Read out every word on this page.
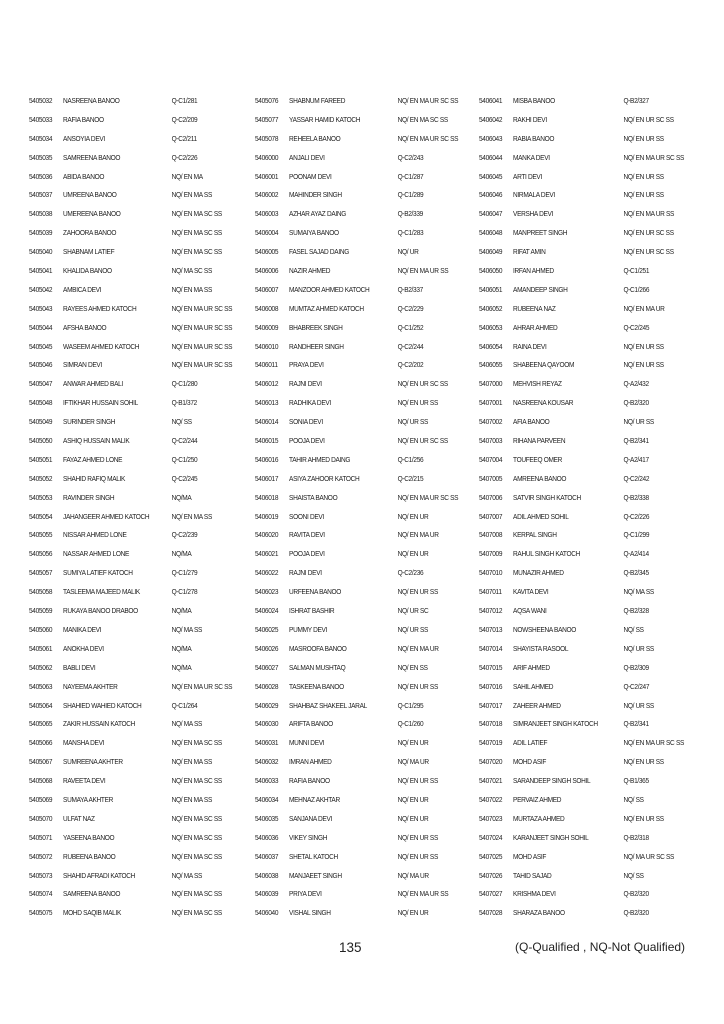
5405032 NASREENA BANOO	Q-C1/281
5405033 RAFIA BANOO	Q-C2/209
5405034 ANSOYIA DEVI	Q-C2/211
5405035 SAMREENA BANOO	Q-C2/226
5405036 ABIDA BANOO	NQ/ EN MA
5405037 UMREENA BANOO	NQ/ EN MA SS
5405038 UMEREENA BANOO	NQ/ EN MA SC SS
5405039 ZAHOORA BANOO	NQ/ EN MA SC SS
5405040 SHABNAM LATIEF	NQ/ EN MA SC SS
5405041 KHALIDA BANOO	NQ/ MA SC SS
5405042 AMBICA DEVI	NQ/ EN MA SS
5405043 RAYEES AHMED KATOCH	NQ/ EN MA UR SC SS
5405044 AFSHA BANOO	NQ/ EN MA UR SC SS
5405045 WASEEM AHMED KATOCH	NQ/ EN MA UR SC SS
5405046 SIMRAN DEVI	NQ/ EN MA UR SC SS
5405047 ANWAR AHMED BALI	Q-C1/280
5405048 IFTIKHAR HUSSAIN SOHIL	Q-B1/372
5405049 SURINDER SINGH	NQ/ SS
5405050 ASHIQ HUSSAIN MALIK	Q-C2/244
5405051 FAYAZ AHMED LONE	Q-C1/250
5405052 SHAHID RAFIQ MALIK	Q-C2/245
5405053 RAVINDER SINGH	NQ/MA
5405054 JAHANGEER AHMED KATOCH	NQ/ EN MA SS
5405055 NISSAR AHMED LONE	Q-C2/239
5405056 NASSAR AHMED LONE	NQ/MA
5405057 SUMIYA LATIEF KATOCH	Q-C1/279
5405058 TASLEEMA MAJEED MALIK	Q-C1/278
5405059 RUKAYA BANOO DRABOO	NQ/MA
5405060 MANIKA DEVI	NQ/ MA SS
5405061 ANOKHA DEVI	NQ/MA
5405062 BABLI DEVI	NQ/MA
5405063 NAYEEMA AKHTER	NQ/ EN MA UR SC SS
5405064 SHAHIED WAHIED KATOCH	Q-C1/264
5405065 ZAKIR HUSSAIN KATOCH	NQ/ MA SS
5405066 MANSHA DEVI	NQ/ EN MA SC SS
5405067 SUMREENA AKHTER	NQ/ EN MA SS
5405068 RAVEETA DEVI	NQ/ EN MA SC SS
5405069 SUMAYA AKHTER	NQ/ EN MA SS
5405070 ULFAT NAZ	NQ/ EN MA SC SS
5405071 YASEENA BANOO	NQ/ EN MA SC SS
5405072 RUBEENA BANOO	NQ/ EN MA SC SS
5405073 SHAHID AFRADI KATOCH	NQ/ MA SS
5405074 SAMREENA BANOO	NQ/ EN MA SC SS
5405075 MOHD SAQIB MALIK	NQ/ EN MA SC SS
5405076 SHABNUM FAREED	NQ/ EN MA UR SC SS
5405077 YASSAR HAMID KATOCH	NQ/ EN MA SC SS
5405078 REHEELA BANOO	NQ/ EN MA UR SC SS
5406000 ANJALI DEVI	Q-C2/243
5406001 POONAM DEVI	Q-C1/287
5406002 MAHINDER SINGH	Q-C1/289
5406003 AZHAR AYAZ DAING	Q-B2/339
5406004 SUMAIYA BANOO	Q-C1/283
5406005 FASEL SAJAD DAING	NQ/ UR
5406006 NAZIR AHMED	NQ/ EN MA UR SS
5406007 MANZOOR AHMED KATOCH	Q-B2/337
5406008 MUMTAZ AHMED KATOCH	Q-C2/229
5406009 BHABREEK SINGH	Q-C1/252
5406010 RANDHEER SINGH	Q-C2/244
5406011 PRAYA DEVI	Q-C2/202
5406012 RAJNI DEVI	NQ/ EN UR SC SS
5406013 RADHIKA DEVI	NQ/ EN UR SS
5406014 SONIA DEVI	NQ/ UR SS
5406015 POOJA DEVI	NQ/ EN UR SC SS
5406016 TAHIR AHMED DAING	Q-C1/256
5406017 ASIYA ZAHOOR KATOCH	Q-C2/215
5406018 SHAISTA BANOO	NQ/ EN MA UR SC SS
5406019 SOONI DEVI	NQ/ EN UR
5406020 RAVITA DEVI	NQ/ EN MA UR
5406021 POOJA DEVI	NQ/ EN UR
5406022 RAJNI DEVI	Q-C2/236
5406023 URFEENA BANOO	NQ/ EN UR SS
5406024 ISHRAT BASHIR	NQ/ UR SC
5406025 PUMMY DEVI	NQ/ UR SS
5406026 MASROOFA BANOO	NQ/ EN MA UR
5406027 SALMAN MUSHTAQ	NQ/ EN SS
5406028 TASKEENA BANOO	NQ/ EN UR SS
5406029 SHAHBAZ SHAKEEL JARAL	Q-C1/295
5406030 ARIFTA BANOO	Q-C1/260
5406031 MUNNI DEVI	NQ/ EN UR
5406032 IMRAN AHMED	NQ/ MA UR
5406033 RAFIA BANOO	NQ/ EN UR SS
5406034 MEHNAZ AKHTAR	NQ/ EN UR
5406035 SANJANA DEVI	NQ/ EN UR
5406036 VIKEY SINGH	NQ/ EN UR SS
5406037 SHETAL KATOCH	NQ/ EN UR SS
5406038 MANJAEET SINGH	NQ/ MA UR
5406039 PRIYA DEVI	NQ/ EN MA UR SS
5406040 VISHAL SINGH	NQ/ EN UR
5406041 MISBA BANOO	Q-B2/327
5406042 RAKHI DEVI	NQ/ EN UR SC SS
5406043 RABIA BANOO	NQ/ EN UR SS
5406044 MANKA DEVI	NQ/ EN MA UR SC SS
5406045 ARTI DEVI	NQ/ EN UR SS
5406046 NIRMALA DEVI	NQ/ EN UR SS
5406047 VERSHA DEVI	NQ/ EN MA UR SS
5406048 MANPREET SINGH	NQ/ EN UR SC SS
5406049 RIFAT AMIN	NQ/ EN UR SC SS
5406050 IRFAN AHMED	Q-C1/251
5406051 AMANDEEP SINGH	Q-C1/266
5406052 RUBEENA NAZ	NQ/ EN MA UR
5406053 AHRAR AHMED	Q-C2/245
5406054 RAINA DEVI	NQ/ EN UR SS
5406055 SHABEENA QAYOOM	NQ/ EN UR SS
5407000 MEHVISH REYAZ	Q-A2/432
5407001 NASREENA KOUSAR	Q-B2/320
5407002 AFIA BANOO	NQ/ UR SS
5407003 RIHANA PARVEEN	Q-B2/341
5407004 TOUFEEQ OMER	Q-A2/417
5407005 AMREENA BANOO	Q-C2/242
5407006 SATVIR SINGH KATOCH	Q-B2/338
5407007 ADIL AHMED SOHIL	Q-C2/226
5407008 KERPAL SINGH	Q-C1/299
5407009 RAHUL SINGH KATOCH	Q-A2/414
5407010 MUNAZIR AHMED	Q-B2/345
5407011 KAVITA DEVI	NQ/ MA SS
5407012 AQSA WANI	Q-B2/328
5407013 NOWSHEENA BANOO	NQ/ SS
5407014 SHAYISTA RASOOL	NQ/ UR SS
5407015 ARIF AHMED	Q-B2/309
5407016 SAHIL AHMED	Q-C2/247
5407017 ZAHEER AHMED	NQ/ UR SS
5407018 SIMRANJEET SINGH KATOCH	Q-B2/341
5407019 ADIL LATIEF	NQ/ EN MA UR SC SS
5407020 MOHD ASIF	NQ/ EN UR SS
5407021 SARANDEEP SINGH SOHIL	Q-B1/365
5407022 PERVAIZ AHMED	NQ/ SS
5407023 MURTAZA AHMED	NQ/ EN UR SS
5407024 KARANJEET SINGH SOHIL	Q-B2/318
5407025 MOHD ASIF	NQ/ MA UR SC SS
5407026 TAHID SAJAD	NQ/ SS
5407027 KRISHMA DEVI	Q-B2/320
5407028 SHARAZA BANOO	Q-B2/320
135	(Q-Qualified , NQ-Not Qualified)
